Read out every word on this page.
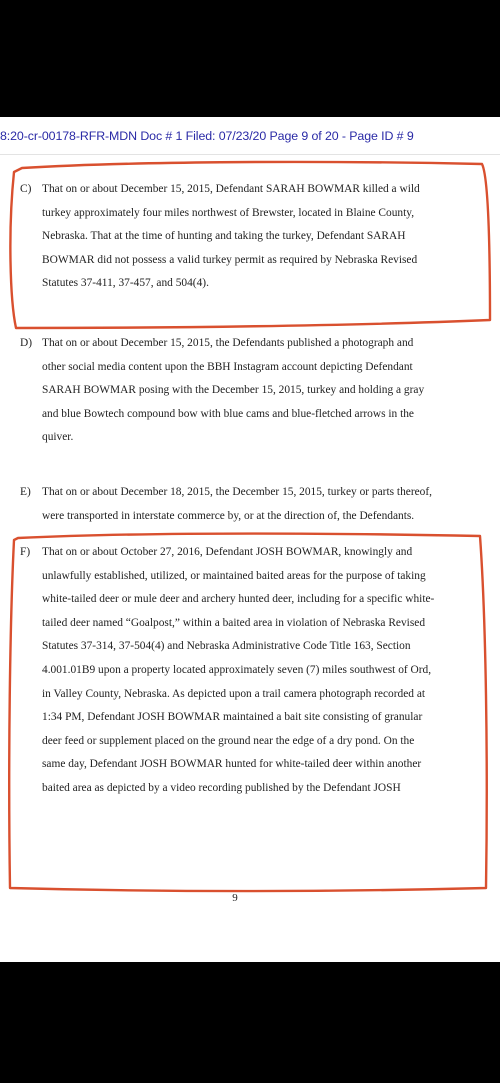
8:20-cr-00178-RFR-MDN Doc # 1 Filed: 07/23/20 Page 9 of 20 - Page ID # 9
C) That on or about December 15, 2015, Defendant SARAH BOWMAR killed a wild
turkey approximately four miles northwest of Brewster, located in Blaine County,
Nebraska. That at the time of hunting and taking the turkey, Defendant SARAH
BOWMAR did not possess a valid turkey permit as required by Nebraska Revised
Statutes 37-411, 37-457, and 504(4).
D) That on or about December 15, 2015, the Defendants published a photograph and
other social media content upon the BBH Instagram account depicting Defendant
SARAH BOWMAR posing with the December 15, 2015, turkey and holding a gray
and blue Bowtech compound bow with blue cams and blue-fletched arrows in the
quiver.
E) That on or about December 18, 2015, the December 15, 2015, turkey or parts thereof,
were transported in interstate commerce by, or at the direction of, the Defendants.
F) That on or about October 27, 2016, Defendant JOSH BOWMAR, knowingly and
unlawfully established, utilized, or maintained baited areas for the purpose of taking
white-tailed deer or mule deer and archery hunted deer, including for a specific white-
tailed deer named “Goalpost,” within a baited area in violation of Nebraska Revised
Statutes 37-314, 37-504(4) and Nebraska Administrative Code Title 163, Section
4.001.01B9 upon a property located approximately seven (7) miles southwest of Ord,
in Valley County, Nebraska. As depicted upon a trail camera photograph recorded at
1:34 PM, Defendant JOSH BOWMAR maintained a bait site consisting of granular
deer feed or supplement placed on the ground near the edge of a dry pond. On the
same day, Defendant JOSH BOWMAR hunted for white-tailed deer within another
baited area as depicted by a video recording published by the Defendant JOSH
9
